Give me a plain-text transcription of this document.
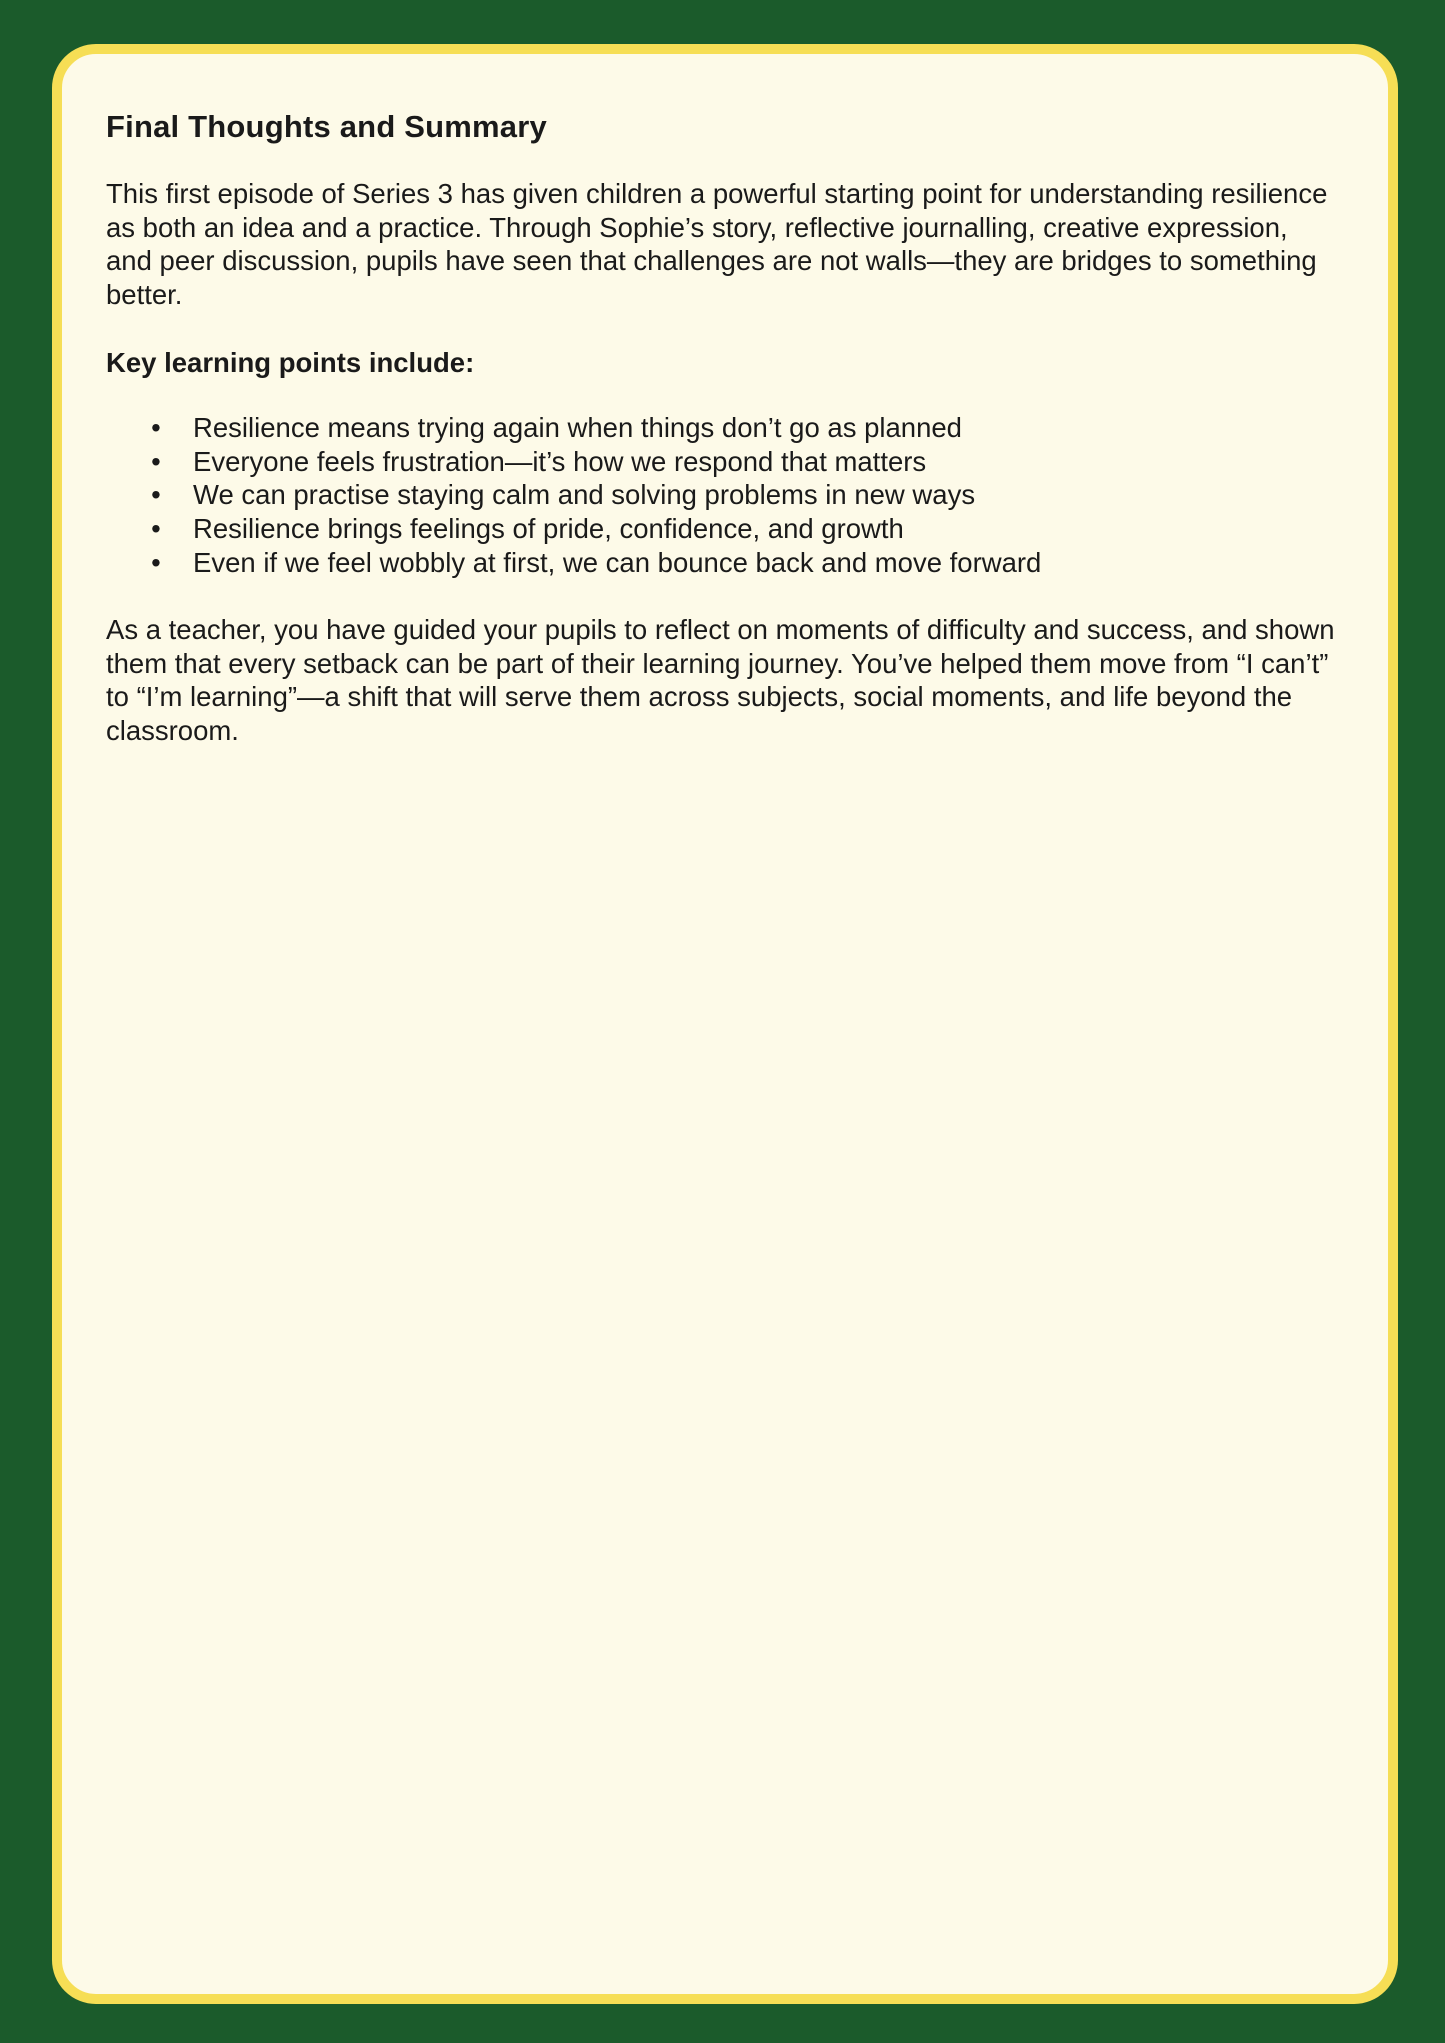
Final Thoughts and Summary

This first episode of Series 3 has given children a powerful starting point for understanding resilience as both an idea and a practice. Through Sophie’s story, reflective journalling, creative expression, and peer discussion, pupils have seen that challenges are not walls—they are bridges to something better.

Key learning points include:

• Resilience means trying again when things don’t go as planned
• Everyone feels frustration—it’s how we respond that matters
• We can practise staying calm and solving problems in new ways
• Resilience brings feelings of pride, confidence, and growth
• Even if we feel wobbly at first, we can bounce back and move forward

As a teacher, you have guided your pupils to reflect on moments of difficulty and success, and shown them that every setback can be part of their learning journey. You’ve helped them move from “I can’t” to “I’m learning”—a shift that will serve them across subjects, social moments, and life beyond the classroom.
